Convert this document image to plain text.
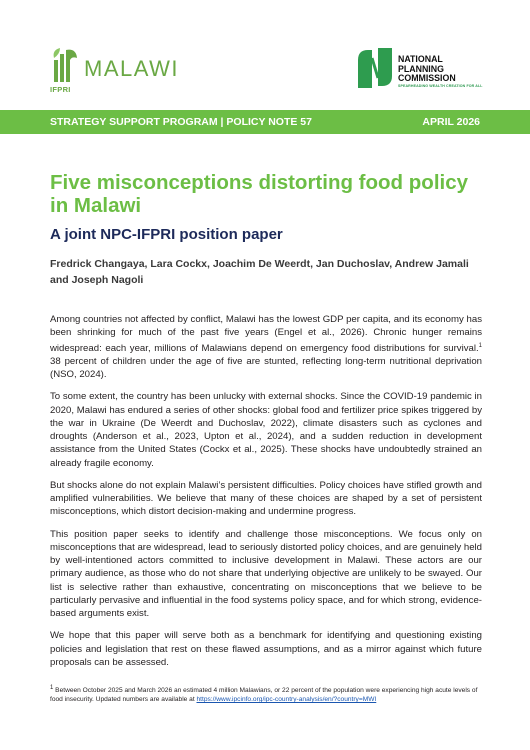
MALAWI
IFPRI
NATIONAL
PLANNING
COMMISSION
SPEARHEADING WEALTH CREATION FOR ALL
STRATEGY SUPPORT PROGRAM | POLICY NOTE 57	APRIL 2026
Five misconceptions distorting food policy in Malawi
A joint NPC-IFPRI position paper

Fredrick Changaya, Lara Cockx, Joachim De Weerdt, Jan Duchoslav, Andrew Jamali and Joseph Nagoli

Among countries not affected by conflict, Malawi has the lowest GDP per capita, and its economy has been shrinking for much of the past five years (Engel et al., 2026). Chronic hunger remains widespread: each year, millions of Malawians depend on emergency food distributions for survival.$^1$ 38 percent of children under the age of five are stunted, reflecting long-term nutritional deprivation (NSO, 2024).

To some extent, the country has been unlucky with external shocks. Since the COVID-19 pandemic in 2020, Malawi has endured a series of other shocks: global food and fertilizer price spikes triggered by the war in Ukraine (De Weerdt and Duchoslav, 2022), climate disasters such as cyclones and droughts (Anderson et al., 2023, Upton et al., 2024), and a sudden reduction in development assistance from the United States (Cockx et al., 2025). These shocks have undoubtedly strained an already fragile economy.

But shocks alone do not explain Malawi’s persistent difficulties. Policy choices have stifled growth and amplified vulnerabilities. We believe that many of these choices are shaped by a set of persistent misconceptions, which distort decision-making and undermine progress.

This position paper seeks to identify and challenge those misconceptions. We focus only on misconceptions that are widespread, lead to seriously distorted policy choices, and are genuinely held by well-intentioned actors committed to inclusive development in Malawi. These actors are our primary audience, as those who do not share that underlying objective are unlikely to be swayed. Our list is selective rather than exhaustive, concentrating on misconceptions that we believe to be particularly pervasive and influential in the food systems policy space, and for which strong, evidence-based arguments exist.

We hope that this paper will serve both as a benchmark for identifying and questioning existing policies and legislation that rest on these flawed assumptions, and as a mirror against which future proposals can be assessed.

$^1$ Between October 2025 and March 2026 an estimated 4 million Malawians, or 22 percent of the population were experiencing high acute levels of food insecurity. Updated numbers are available at https://www.ipcinfo.org/ipc-country-analysis/en/?country=MWI
